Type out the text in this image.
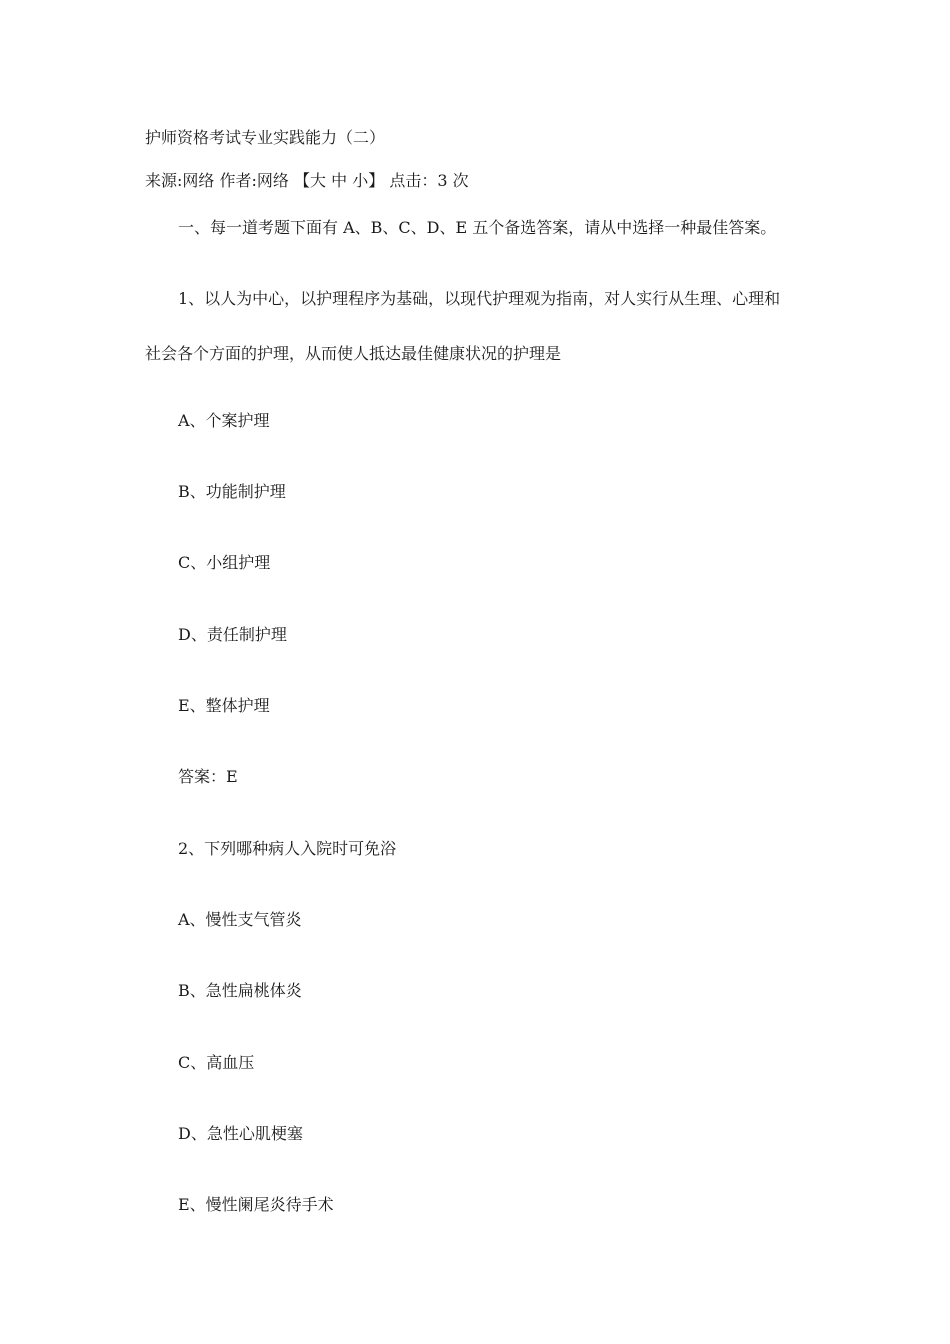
护师资格考试专业实践能力（二）
来源:网络 作者:网络 【大 中 小】 点击：3 次
一、每一道考题下面有 A、B、C、D、E 五个备选答案，请从中选择一种最佳答案。
1、以人为中心，以护理程序为基础，以现代护理观为指南，对人实行从生理、心理和
社会各个方面的护理，从而使人抵达最佳健康状况的护理是
A、个案护理
B、功能制护理
C、小组护理
D、责任制护理
E、整体护理
答案：E
2、下列哪种病人入院时可免浴
A、慢性支气管炎
B、急性扁桃体炎
C、高血压
D、急性心肌梗塞
E、慢性阑尾炎待手术
